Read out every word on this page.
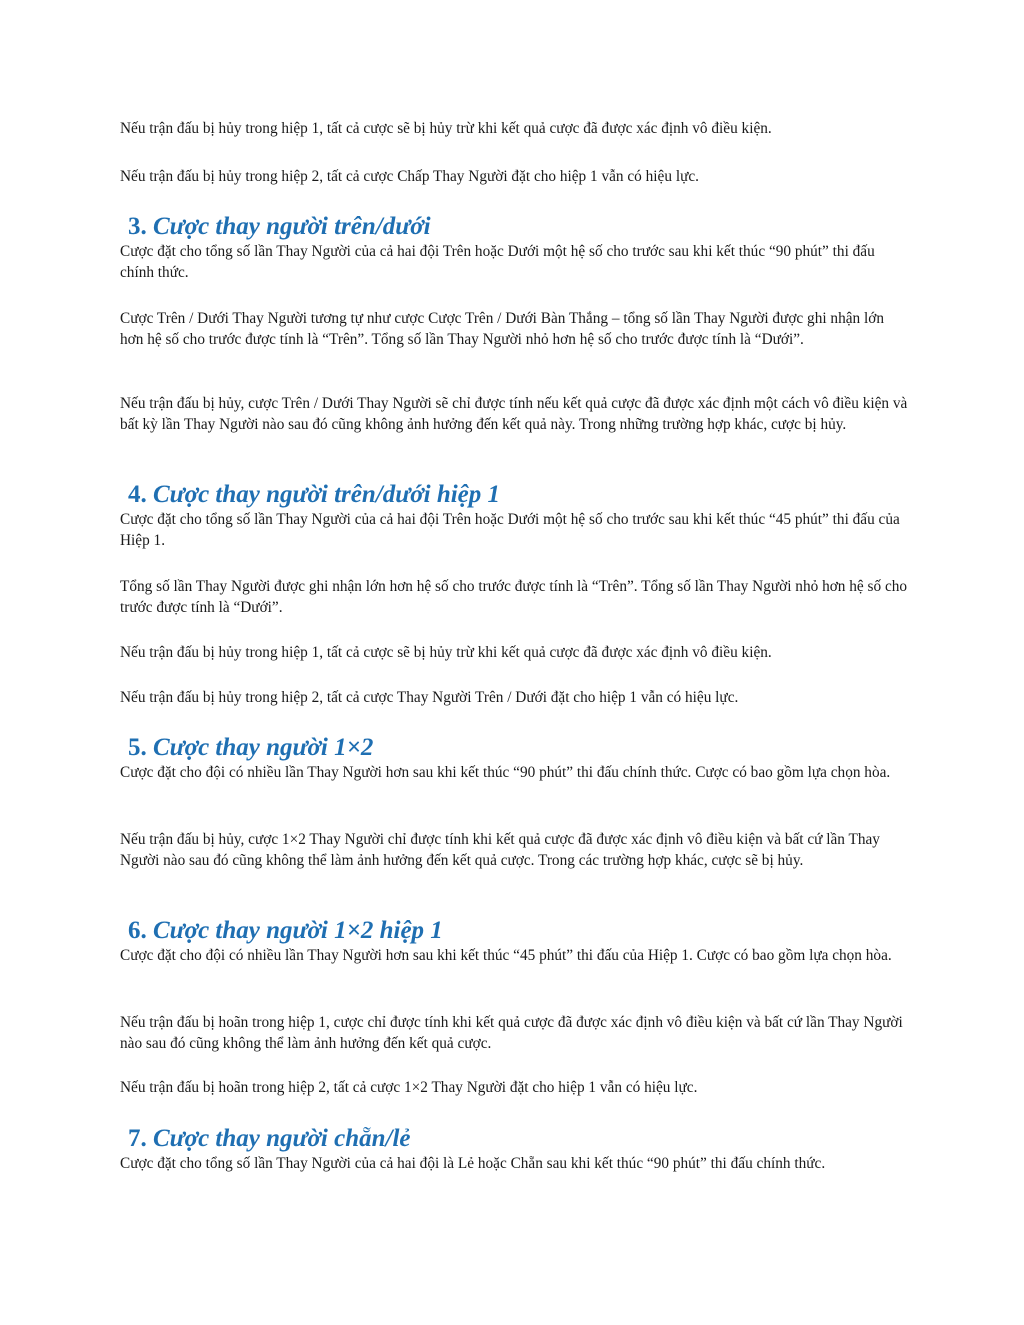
Nếu trận đấu bị hủy trong hiệp 1, tất cả cược sẽ bị hủy trừ khi kết quả cược đã được xác định vô điều kiện.

Nếu trận đấu bị hủy trong hiệp 2, tất cả cược Chấp Thay Người đặt cho hiệp 1 vẫn có hiệu lực.

3. Cược thay người trên/dưới

Cược đặt cho tổng số lần Thay Người của cả hai đội Trên hoặc Dưới một hệ số cho trước sau khi kết thúc “90 phút” thi đấu chính thức.

Cược Trên / Dưới Thay Người tương tự như cược Cược Trên / Dưới Bàn Thắng – tổng số lần Thay Người được ghi nhận lớn hơn hệ số cho trước được tính là “Trên”. Tổng số lần Thay Người nhỏ hơn hệ số cho trước được tính là “Dưới”.

Nếu trận đấu bị hủy, cược Trên / Dưới Thay Người sẽ chỉ được tính nếu kết quả cược đã được xác định một cách vô điều kiện và bất kỳ lần Thay Người nào sau đó cũng không ảnh hưởng đến kết quả này. Trong những trường hợp khác, cược bị hủy.

4. Cược thay người trên/dưới hiệp 1

Cược đặt cho tổng số lần Thay Người của cả hai đội Trên hoặc Dưới một hệ số cho trước sau khi kết thúc “45 phút” thi đấu của Hiệp 1.

Tổng số lần Thay Người được ghi nhận lớn hơn hệ số cho trước được tính là “Trên”. Tổng số lần Thay Người nhỏ hơn hệ số cho trước được tính là “Dưới”.

Nếu trận đấu bị hủy trong hiệp 1, tất cả cược sẽ bị hủy trừ khi kết quả cược đã được xác định vô điều kiện.

Nếu trận đấu bị hủy trong hiệp 2, tất cả cược Thay Người Trên / Dưới đặt cho hiệp 1 vẫn có hiệu lực.

5. Cược thay người 1×2

Cược đặt cho đội có nhiều lần Thay Người hơn sau khi kết thúc “90 phút” thi đấu chính thức. Cược có bao gồm lựa chọn hòa.

Nếu trận đấu bị hủy, cược 1×2 Thay Người chỉ được tính khi kết quả cược đã được xác định vô điều kiện và bất cứ lần Thay Người nào sau đó cũng không thể làm ảnh hưởng đến kết quả cược. Trong các trường hợp khác, cược sẽ bị hủy.

6. Cược thay người 1×2 hiệp 1

Cược đặt cho đội có nhiều lần Thay Người hơn sau khi kết thúc “45 phút” thi đấu của Hiệp 1. Cược có bao gồm lựa chọn hòa.

Nếu trận đấu bị hoãn trong hiệp 1, cược chỉ được tính khi kết quả cược đã được xác định vô điều kiện và bất cứ lần Thay Người nào sau đó cũng không thể làm ảnh hưởng đến kết quả cược.

Nếu trận đấu bị hoãn trong hiệp 2, tất cả cược 1×2 Thay Người đặt cho hiệp 1 vẫn có hiệu lực.

7. Cược thay người chẵn/lẻ

Cược đặt cho tổng số lần Thay Người của cả hai đội là Lẻ hoặc Chẵn sau khi kết thúc “90 phút” thi đấu chính thức.
